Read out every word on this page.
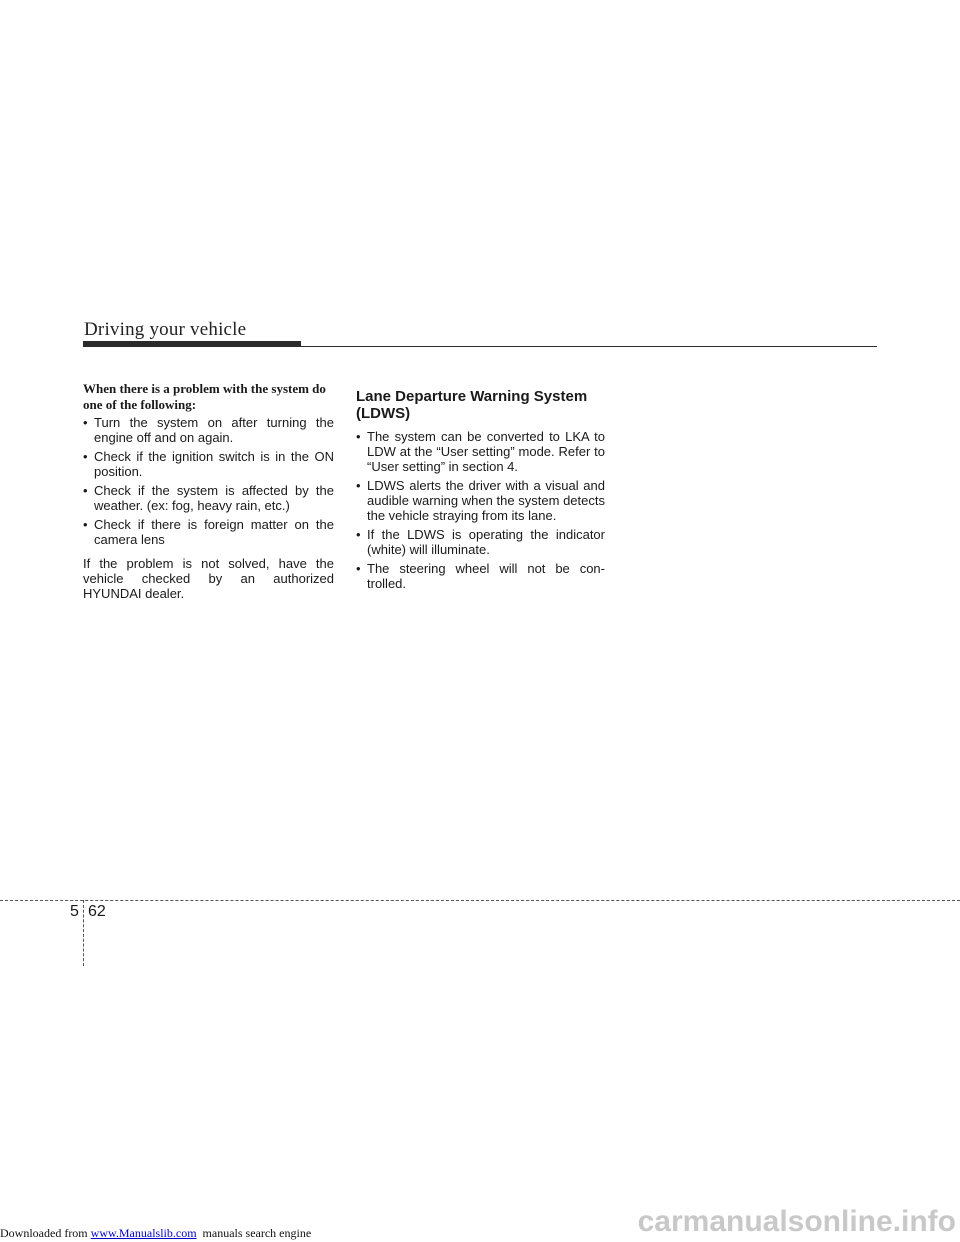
Driving your vehicle

When there is a problem with the system do one of the following:

• Turn the system on after turning the engine off and on again.
• Check if the ignition switch is in the ON position.
• Check if the system is affected by the weather. (ex: fog, heavy rain, etc.)
• Check if there is foreign matter on the camera lens

If the problem is not solved, have the vehicle checked by an authorized HYUNDAI dealer.

Lane Departure Warning System (LDWS)
• The system can be converted to LKA to LDW at the “User setting” mode. Refer to “User setting” in section 4.
• LDWS alerts the driver with a visual and audible warning when the system detects the vehicle straying from its lane.
• If the LDWS is operating the indicator (white) will illuminate.
• The steering wheel will not be con-trolled.
5 62
carmanualsonline.info
Downloaded from www.Manualslib.com  manuals search engine
